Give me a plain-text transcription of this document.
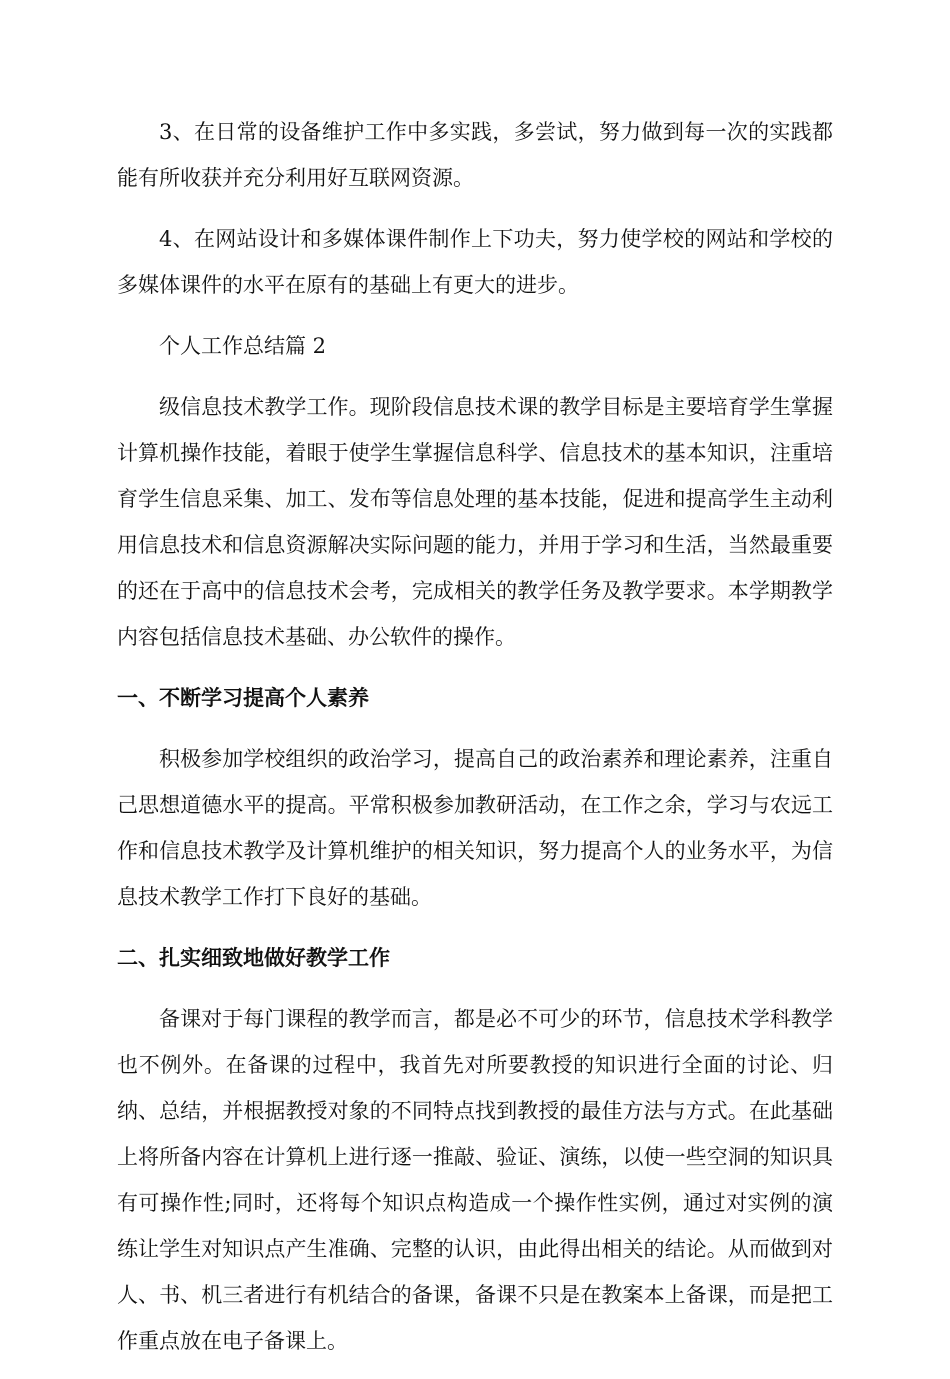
3、在日常的设备维护工作中多实践，多尝试，努力做到每一次的实践都能有所收获并充分利用好互联网资源。

4、在网站设计和多媒体课件制作上下功夫，努力使学校的网站和学校的多媒体课件的水平在原有的基础上有更大的进步。

个人工作总结篇 2

级信息技术教学工作。现阶段信息技术课的教学目标是主要培育学生掌握计算机操作技能，着眼于使学生掌握信息科学、信息技术的基本知识，注重培育学生信息采集、加工、发布等信息处理的基本技能，促进和提高学生主动利用信息技术和信息资源解决实际问题的能力，并用于学习和生活，当然最重要的还在于高中的信息技术会考，完成相关的教学任务及教学要求。本学期教学内容包括信息技术基础、办公软件的操作。

一、不断学习提高个人素养

积极参加学校组织的政治学习，提高自己的政治素养和理论素养，注重自己思想道德水平的提高。平常积极参加教研活动，在工作之余，学习与农远工作和信息技术教学及计算机维护的相关知识，努力提高个人的业务水平，为信息技术教学工作打下良好的基础。

二、扎实细致地做好教学工作

备课对于每门课程的教学而言，都是必不可少的环节，信息技术学科教学也不例外。在备课的过程中，我首先对所要教授的知识进行全面的讨论、归纳、总结，并根据教授对象的不同特点找到教授的最佳方法与方式。在此基础上将所备内容在计算机上进行逐一推敲、验证、演练，以使一些空洞的知识具有可操作性;同时，还将每个知识点构造成一个操作性实例，通过对实例的演练让学生对知识点产生准确、完整的认识，由此得出相关的结论。从而做到对人、书、机三者进行有机结合的备课，备课不只是在教案本上备课，而是把工作重点放在电子备课上。
